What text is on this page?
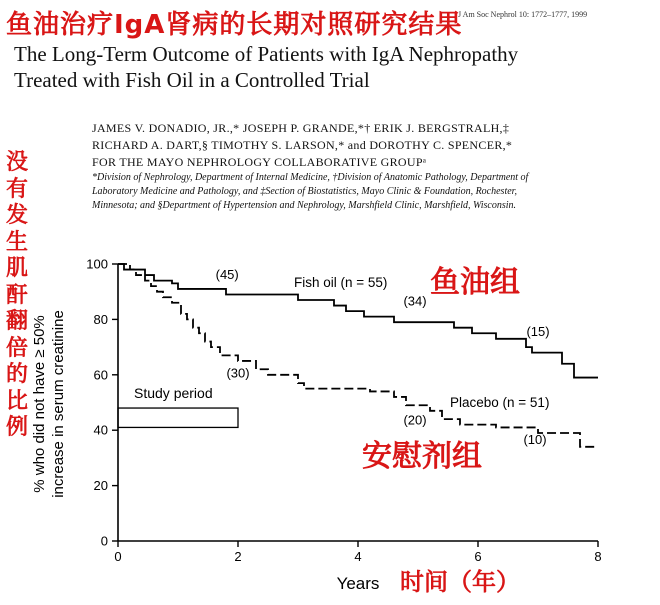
鱼油治疗IgA肾病的长期对照研究结果
J Am Soc Nephrol 10: 1772–1777, 1999
The Long-Term Outcome of Patients with IgA Nephropathy
Treated with Fish Oil in a Controlled Trial
JAMES V. DONADIO, JR.,* JOSEPH P. GRANDE,*† ERIK J. BERGSTRALH,‡
RICHARD A. DART,§ TIMOTHY S. LARSON,* and DOROTHY C. SPENCER,*
FOR THE MAYO NEPHROLOGY COLLABORATIVE GROUPᵃ
*Division of Nephrology, Department of Internal Medicine, †Division of Anatomic Pathology, Department of
Laboratory Medicine and Pathology, and ‡Section of Biostatistics, Mayo Clinic & Foundation, Rochester,
Minnesota; and §Department of Hypertension and Nephrology, Marshfield Clinic, Marshfield, Wisconsin.
没有发生肌酐翻倍的比例
0
20
40
60
80
100
0	2	4	6	8
Study period
Years
% who did not have ≥ 50% increase in serum creatinine
(45)
(34)
(15)
(30)
(20)
(10)
Fish oil (n = 55)
Placebo (n = 51)
鱼油组
安慰剂组
时间（年）
